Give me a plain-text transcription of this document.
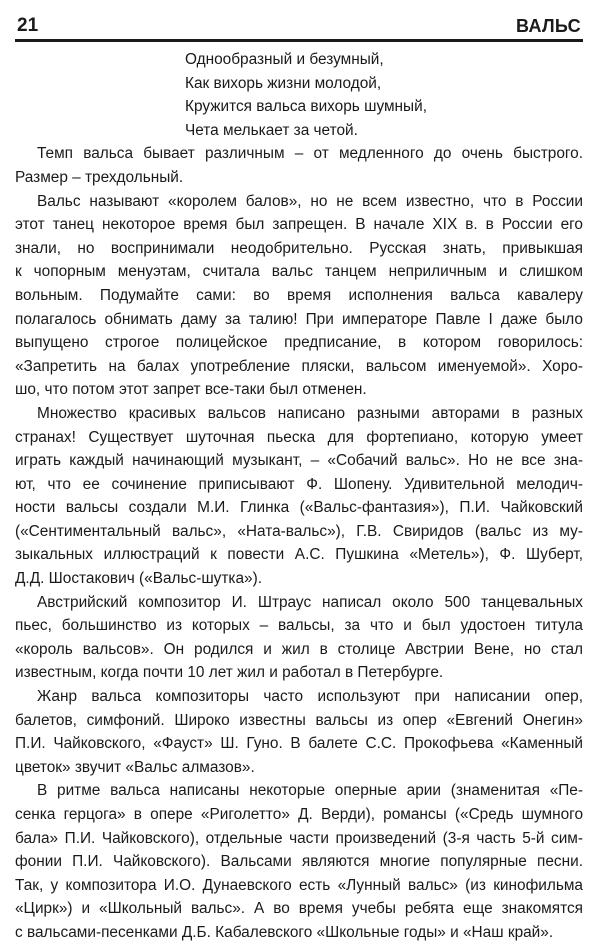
21	ВАЛЬС
Однообразный и безумный,
Как вихорь жизни молодой,
Кружится вальса вихорь шумный,
Чета мелькает за четой.
Темп вальса бывает различным – от медленного до очень быстрого.
Размер – трехдольный.
Вальс называют «королем балов», но не всем известно, что в России
этот танец некоторое время был запрещен. В начале XIX в. в России его
знали, но воспринимали неодобрительно. Русская знать, привыкшая
к чопорным менуэтам, считала вальс танцем неприличным и слишком
вольным. Подумайте сами: во время исполнения вальса кавалеру
полагалось обнимать даму за талию! При императоре Павле I даже было
выпущено строгое полицейское предписание, в котором говорилось:
«Запретить на балах употребление пляски, вальсом именуемой». Хоро-
шо, что потом этот запрет все-таки был отменен.
Множество красивых вальсов написано разными авторами в разных
странах! Существует шуточная пьеска для фортепиано, которую умеет
играть каждый начинающий музыкант, – «Собачий вальс». Но не все зна-
ют, что ее сочинение приписывают Ф. Шопену. Удивительной мелодич-
ности вальсы создали М.И. Глинка («Вальс-фантазия»), П.И. Чайковский
(«Сентиментальный вальс», «Ната-вальс»), Г.В. Свиридов (вальс из му-
зыкальных иллюстраций к повести А.С. Пушкина «Метель»), Ф. Шуберт,
Д.Д. Шостакович («Вальс-шутка»).
Австрийский композитор И. Штраус написал около 500 танцевальных
пьес, большинство из которых – вальсы, за что и был удостоен титула
«король вальсов». Он родился и жил в столице Австрии Вене, но стал
известным, когда почти 10 лет жил и работал в Петербурге.
Жанр вальса композиторы часто используют при написании опер,
балетов, симфоний. Широко известны вальсы из опер «Евгений Онегин»
П.И. Чайковского, «Фауст» Ш. Гуно. В балете С.С. Прокофьева «Каменный
цветок» звучит «Вальс алмазов».
В ритме вальса написаны некоторые оперные арии (знаменитая «Пе-
сенка герцога» в опере «Риголетто» Д. Верди), романсы («Средь шумного
бала» П.И. Чайковского), отдельные части произведений (3-я часть 5-й сим-
фонии П.И. Чайковского). Вальсами являются многие популярные песни.
Так, у композитора И.О. Дунаевского есть «Лунный вальс» (из кинофильма
«Цирк») и «Школьный вальс». А во время учебы ребята еще знакомятся
с вальсами-песенками Д.Б. Кабалевского «Школьные годы» и «Наш край».
